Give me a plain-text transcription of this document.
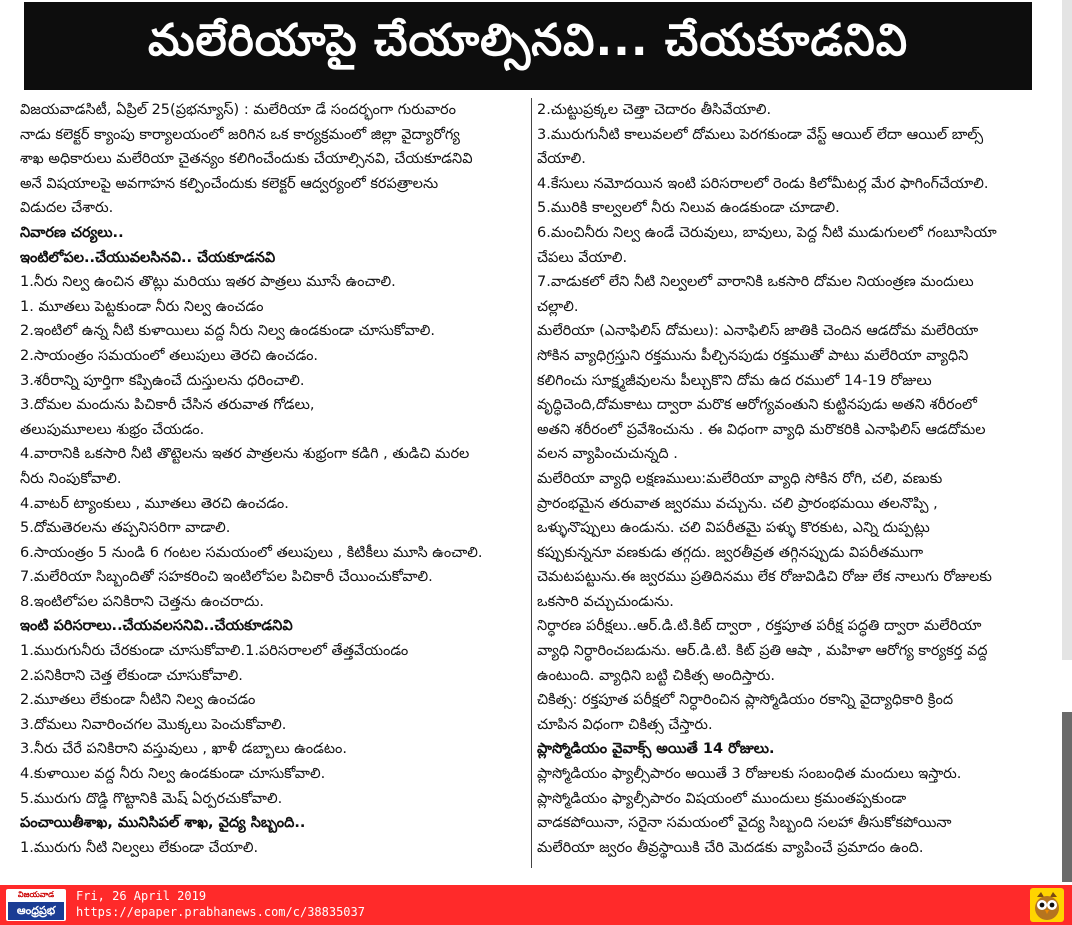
మలేరియాపై చేయాల్సినవి... చేయకూడనివి
విజయవాడసిటీ, ఏప్రిల్ 25(ప్రభన్యూస్) : మలేరియా డే సందర్భంగా గురువారం
నాడు కలెక్టర్ క్యాంపు కార్యాలయంలో జరిగిన ఒక కార్యక్రమంలో జిల్లా వైద్యారోగ్య
శాఖ అధికారులు మలేరియా చైతన్యం కలిగించేందుకు చేయాల్సినవి, చేయకూడనివి
అనే విషయాలపై అవగాహన కల్పించేందుకు కలెక్టర్ ఆద్వర్యంలో కరపత్రాలను
విడుదల చేశారు.
నివారణ చర్యలు..
ఇంటిలోపల..చేయువలసినవి.. చేయకూడనవి
1.నీరు నిల్వ ఉంచిన తొట్లు మరియు ఇతర పాత్రలు మూసే ఉంచాలి.
1. మూతలు పెట్టకుండా నీరు నిల్వ ఉంచడం
2.ఇంటిలో ఉన్న నీటి కుళాయిలు వద్ద నీరు నిల్వ ఉండకుండా చూసుకోవాలి.
2.సాయంత్రం సమయంలో తలుపులు తెరచి ఉంచడం.
3.శరీరాన్ని పూర్తిగా కప్పిఉంచే దుస్తులను ధరించాలి.
3.దోమల మందును పిచికారీ చేసిన తరువాత గోడలు,
తలుపుమూలలు శుభ్రం చేయడం.
4.వారానికి ఒకసారి నీటి తొట్టెలను ఇతర పాత్రలను శుభ్రంగా కడిగి , తుడిచి మరల
నీరు నింపుకోవాలి.
4.వాటర్ ట్యాంకులు , మూతలు తెరచి ఉంచడం.
5.దోమతెరలను తప్పనిసరిగా వాడాలి.
6.సాయంత్రం 5 నుండి 6 గంటల సమయంలో తలుపులు , కిటికీలు మూసి ఉంచాలి.
7.మలేరియా సిబ్బందితో సహకరించి ఇంటిలోపల పిచికారీ చేయించుకోవాలి.
8.ఇంటిలోపల పనికిరాని చెత్తను ఉంచరాదు.
ఇంటి పరిసరాలు..చేయవలసనివి..చేయకూడనివి
1.మురుగునీరు చేరకుండా చూసుకోవాలి.1.పరిసరాలలో తేత్తవేయండం
2.పనికిరాని చెత్త లేకుండా చూసుకోవాలి.
2.మూతలు లేకుండా నీటిని నిల్వ ఉంచడం
3.దోమలు నివారించగల మొక్కలు పెంచుకోవాలి.
3.నీరు చేరే పనికిరాని వస్తువులు , ఖాళీ డబ్బాలు ఉండటం.
4.కుళాయిల వద్ద నీరు నిల్వ ఉండకుండా చూసుకోవాలి.
5.మురుగు దొడ్డి గొట్టానికి మెష్ ఏర్పరచుకోవాలి.
పంచాయితీశాఖ, మునిసిపల్ శాఖ, వైద్య సిబ్బంది..
1.మురుగు నీటి నిల్వలు లేకుండా చేయాలి.
2.చుట్టుప్రక్కల చెత్తా చెదారం తీసివేయాలి.
3.మురుగునీటి కాలువలలో దోమలు పెరగకుండా వేస్ట్ ఆయిల్ లేదా ఆయిల్ బాల్స్
వేయాలి.
4.కేసులు నమోదయిన ఇంటి పరిసరాలలో రెండు కిలోమీటర్ల మేర ఫాగింగ్‌చేయాలి.
5.మురికి కాల్వలలో నీరు నిలువ ఉండకుండా చూడాలి.
6.మంచినీరు నిల్వ ఉండే చెరువులు, బావులు, పెద్ద నీటి ముడుగులలో గంబూసియా
చేపలు వేయాలి.
7.వాడుకలో లేని నీటి నిల్వలలో వారానికి ఒకసారి దోమల నియంత్రణ మందులు
చల్లాలి.
మలేరియా (ఎనాఫిలిస్ దోమలు): ఎనాఫిలిస్ జాతికి చెందిన ఆడదోమ మలేరియా
సోకిన వ్యాధిగ్రస్తుని రక్తమును పీల్చినపుడు రక్తముతో పాటు మలేరియా వ్యాధిని
కలిగించు సూక్ష్మజీవులను పీల్చుకొని దోమ ఉద రములో 14-19 రోజులు
వృద్ధిచెంది,దోమకాటు ద్వారా మరొక ఆరోగ్యవంతుని కుట్టినపుడు అతని శరీరంలో
అతని శరీరంలో ప్రవేశించును . ఈ విధంగా వ్యాధి మరొకరికి ఎనాఫిలిస్ ఆడదోమల
వలన వ్యాపించుచున్నది .
మలేరియా వ్యాధి లక్షణములు:మలేరియా వ్యాధి సోకిన రోగి, చలి, వణుకు
ప్రారంభమైన తరువాత జ్వరము వచ్చును. చలి ప్రారంభమయి తలనొప్పి ,
ఒళ్ళునొప్పులు ఉండును. చలి విపరీతమై పళ్ళు కొరకుట, ఎన్ని దుప్పట్లు
కప్పుకున్ననూ వణకుడు తగ్గదు. జ్వరతీవ్రత తగ్గినప్పుడు విపరీతముగా
చెమటపట్టును.ఈ జ్వరము ప్రతిదినము లేక రోజువిడిచి రోజు లేక నాలుగు రోజులకు
ఒకసారి వచ్చుచుండును.
నిర్ధారణ పరీక్షలు..ఆర్.డి.టి.కిట్ ద్వారా , రక్తపూత పరీక్ష పద్ధతి ద్వారా మలేరియా
వ్యాధి నిర్ధారించబడును. ఆర్.డి.టి. కిట్ ప్రతి ఆషా , మహిళా ఆరోగ్య కార్యకర్త వద్ద
ఉంటుంది. వ్యాధిని బట్టి చికిత్స అందిస్తారు.
చికిత్స: రక్తపూత పరీక్షలో నిర్ధారించిన ప్లాస్మోడియం రకాన్ని వైద్యాధికారి క్రింద
చూపిన విధంగా చికిత్స చేస్తారు.
ప్లాస్మోడియం వైవాక్స్ అయితే 14 రోజులు.
ప్లాస్మోడియం ఫ్యాల్సీపారం అయితే 3 రోజులకు సంబంధిత మందులు ఇస్తారు.
ప్లాస్మోడియం ఫ్యాల్సీపారం విషయంలో ముందులు క్రమంతప్పకుండా
వాడకపోయినా, సరైనా సమయంలో వైద్య సిబ్బంది సలహా తీసుకోకపోయినా
మలేరియా జ్వరం తీవ్రస్థాయికి చేరి మెదడకు వ్యాపించే ప్రమాదం ఉంది.
విజయవాడ
ఆంధ్రప్రభ
Fri, 26 April 2019
https://epaper.prabhanews.com/c/38835037
